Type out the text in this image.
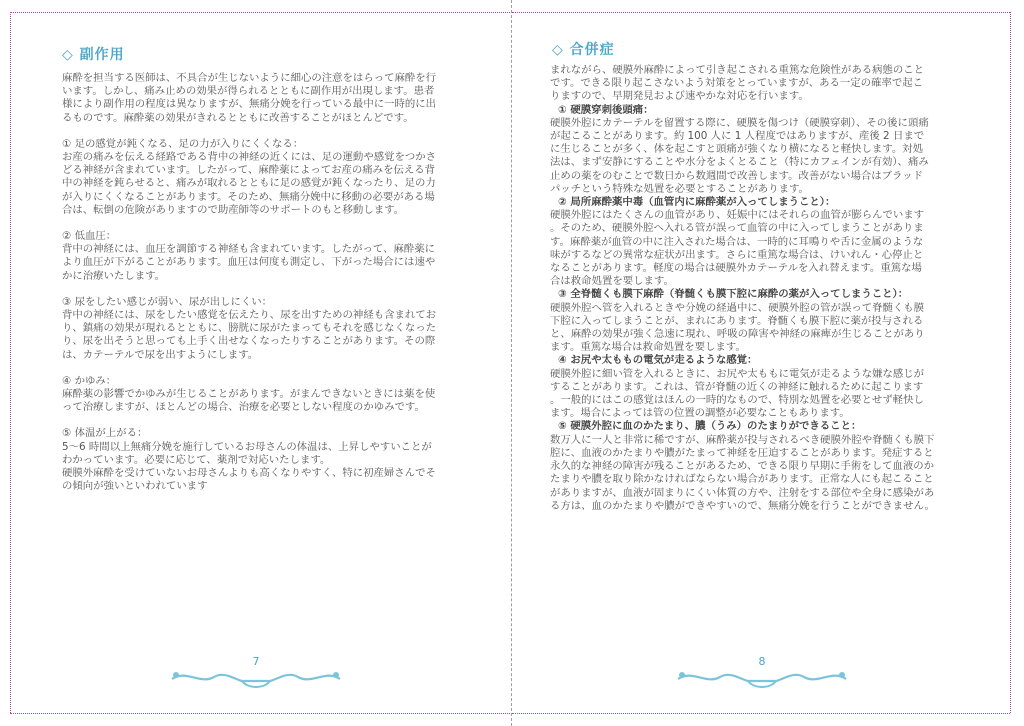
◇ 副作用

麻酔を担当する医師は、不具合が生じないように細心の注意をはらって麻酔を行

います。しかし、痛み止めの効果が得られるとともに副作用が出現します。患者

様により副作用の程度は異なりますが、無痛分娩を行っている最中に一時的に出

るものです。麻酔薬の効果がきれるとともに改善することがほとんどです。

① 足の感覚が鈍くなる、足の力が入りにくくなる：

お産の痛みを伝える経路である背中の神経の近くには、足の運動や感覚をつかさ

どる神経が含まれています。したがって、麻酔薬によってお産の痛みを伝える背

中の神経を鈍らせると、痛みが取れるとともに足の感覚が鈍くなったり、足の力

が入りにくくなることがあります。そのため、無痛分娩中に移動の必要がある場

合は、転倒の危険がありますので助産師等のサポートのもと移動します。

② 低血圧：

背中の神経には、血圧を調節する神経も含まれています。したがって、麻酔薬に

より血圧が下がることがあります。血圧は何度も測定し、下がった場合には速や

かに治療いたします。

③ 尿をしたい感じが弱い、尿が出しにくい：

背中の神経には、尿をしたい感覚を伝えたり、尿を出すための神経も含まれてお

り、鎮痛の効果が現れるとともに、膀胱に尿がたまってもそれを感じなくなった

り、尿を出そうと思っても上手く出せなくなったりすることがあります。その際

は、カテーテルで尿を出すようにします。

④ かゆみ：

麻酔薬の影響でかゆみが生じることがあります。がまんできないときには薬を使

って治療しますが、ほとんどの場合、治療を必要としない程度のかゆみです。

⑤ 体温が上がる：

5～6 時間以上無痛分娩を施行しているお母さんの体温は、上昇しやすいことが

わかっています。必要に応じて、薬剤で対応いたします。

硬膜外麻酔を受けていないお母さんよりも高くなりやすく、特に初産婦さんでそ

の傾向が強いといわれています

7
◇ 合併症

まれながら、硬膜外麻酔によって引き起こされる重篤な危険性がある病態のこと

です。できる限り起こさないよう対策をとっていますが、ある一定の確率で起こ

りますので、早期発見および速やかな対応を行います。

① 硬膜穿刺後頭痛：

硬膜外腔にカテーテルを留置する際に、硬膜を傷つけ（硬膜穿刺）、その後に頭痛

が起こることがあります。約 100 人に 1 人程度ではありますが、産後 2 日まで

に生じることが多く、体を起こすと頭痛が強くなり横になると軽快します。対処

法は、まず安静にすることや水分をよくとること（特にカフェインが有効）、痛み

止めの薬をのむことで数日から数週間で改善します。改善がない場合はブラッド

パッチという特殊な処置を必要とすることがあります。

② 局所麻酔薬中毒（血管内に麻酔薬が入ってしまうこと）：

硬膜外腔にはたくさんの血管があり、妊娠中にはそれらの血管が膨らんでいます

。そのため、硬膜外腔へ入れる管が誤って血管の中に入ってしまうことがありま

す。麻酔薬が血管の中に注入された場合は、一時的に耳鳴りや舌に金属のような

味がするなどの異常な症状が出ます。さらに重篤な場合は、けいれん・心停止と

なることがあります。軽度の場合は硬膜外カテーテルを入れ替えます。重篤な場

合は救命処置を要します。

③ 全脊髄くも膜下麻酔（脊髄くも膜下腔に麻酔の薬が入ってしまうこと）：

硬膜外腔へ管を入れるときや分娩の経過中に、硬膜外腔の管が誤って脊髄くも膜

下腔に入ってしまうことが、まれにあります。脊髄くも膜下腔に薬が投与される

と、麻酔の効果が強く急速に現れ、呼吸の障害や神経の麻痺が生じることがあり

ます。重篤な場合は救命処置を要します。

④ お尻や太ももの電気が走るような感覚：

硬膜外腔に細い管を入れるときに、お尻や太ももに電気が走るような嫌な感じが

することがあります。これは、管が脊髄の近くの神経に触れるために起こります

。一般的にはこの感覚はほんの一時的なもので、特別な処置を必要とせず軽快し

ます。場合によっては管の位置の調整が必要なこともあります。

⑤ 硬膜外腔に血のかたまり、膿（うみ）のたまりができること：

数万人に一人と非常に稀ですが、麻酔薬が投与されるべき硬膜外腔や脊髄くも膜下

腔に、血液のかたまりや膿がたまって神経を圧迫することがあります。発症すると

永久的な神経の障害が残ることがあるため、できる限り早期に手術をして血液のか

たまりや膿を取り除かなければならない場合があります。正常な人にも起こること

がありますが、血液が固まりにくい体質の方や、注射をする部位や全身に感染があ

る方は、血のかたまりや膿ができやすいので、無痛分娩を行うことができません。

8
